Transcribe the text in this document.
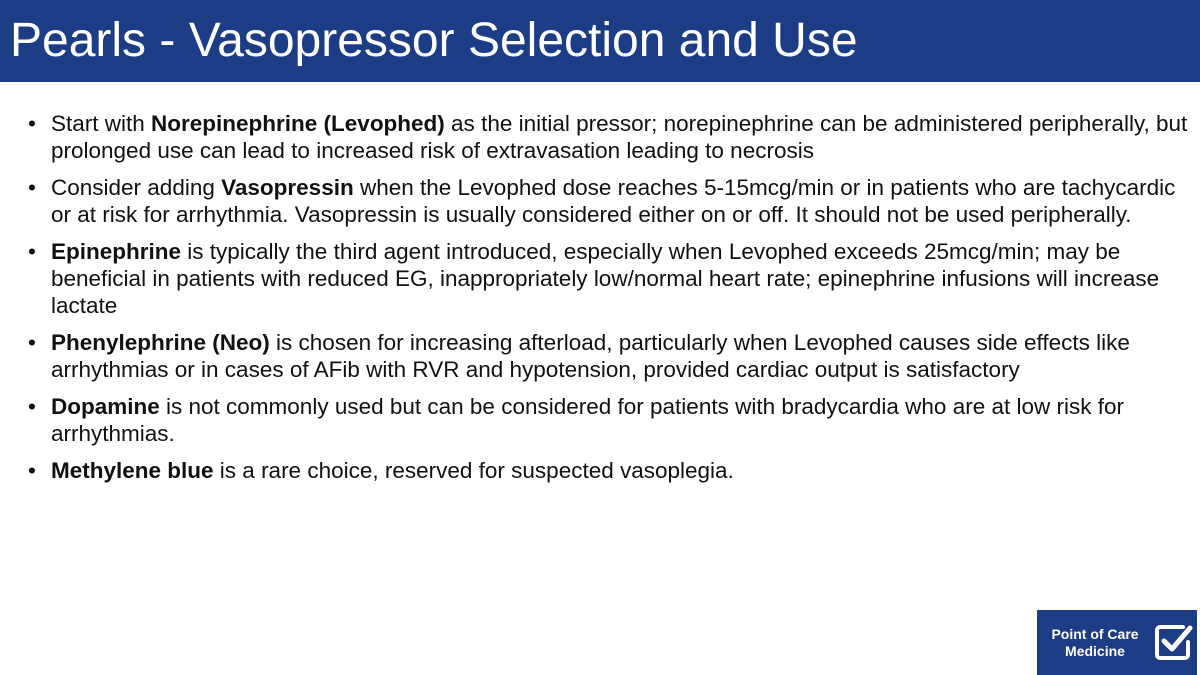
Pearls - Vasopressor Selection and Use
• Start with Norepinephrine (Levophed) as the initial pressor; norepinephrine can be administered peripherally, but prolonged use can lead to increased risk of extravasation leading to necrosis
• Consider adding Vasopressin when the Levophed dose reaches 5-15mcg/min or in patients who are tachycardic or at risk for arrhythmia. Vasopressin is usually considered either on or off. It should not be used peripherally.
• Epinephrine is typically the third agent introduced, especially when Levophed exceeds 25mcg/min; may be beneficial in patients with reduced EG, inappropriately low/normal heart rate; epinephrine infusions will increase lactate
• Phenylephrine (Neo) is chosen for increasing afterload, particularly when Levophed causes side effects like arrhythmias or in cases of AFib with RVR and hypotension, provided cardiac output is satisfactory
• Dopamine is not commonly used but can be considered for patients with bradycardia who are at low risk for arrhythmias.
• Methylene blue is a rare choice, reserved for suspected vasoplegia.
Point of Care
Medicine
